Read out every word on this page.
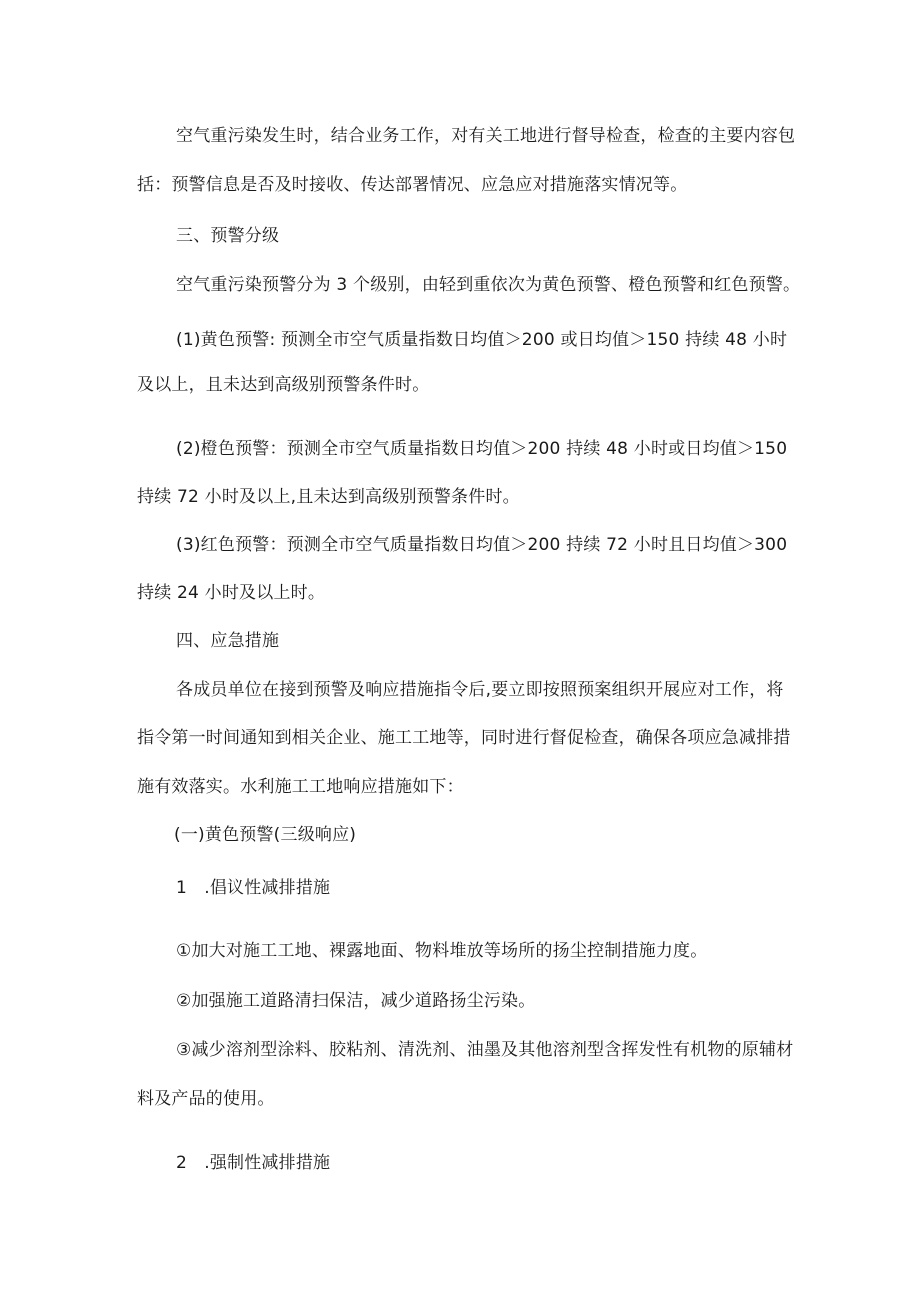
空气重污染发生时，结合业务工作，对有关工地进行督导检查，检查的主要内容包
括：预警信息是否及时接收、传达部署情况、应急应对措施落实情况等。
三、预警分级
空气重污染预警分为 3 个级别，由轻到重依次为黄色预警、橙色预警和红色预警。
(1)黄色预警: 预测全市空气质量指数日均值＞200 或日均值＞150 持续 48 小时
及以上，且未达到高级别预警条件时。
(2)橙色预警：预测全市空气质量指数日均值＞200 持续 48 小时或日均值＞150
持续 72 小时及以上,且未达到高级别预警条件时。
(3)红色预警：预测全市空气质量指数日均值＞200 持续 72 小时且日均值＞300
持续 24 小时及以上时。
四、应急措施
各成员单位在接到预警及响应措施指令后,要立即按照预案组织开展应对工作，将
指令第一时间通知到相关企业、施工工地等，同时进行督促检查，确保各项应急减排措
施有效落实。水利施工工地响应措施如下：
(一)黄色预警(三级响应)
1　.倡议性减排措施
①加大对施工工地、裸露地面、物料堆放等场所的扬尘控制措施力度。
②加强施工道路清扫保洁，减少道路扬尘污染。
③减少溶剂型涂料、胶粘剂、清洗剂、油墨及其他溶剂型含挥发性有机物的原辅材
料及产品的使用。
2　.强制性减排措施
